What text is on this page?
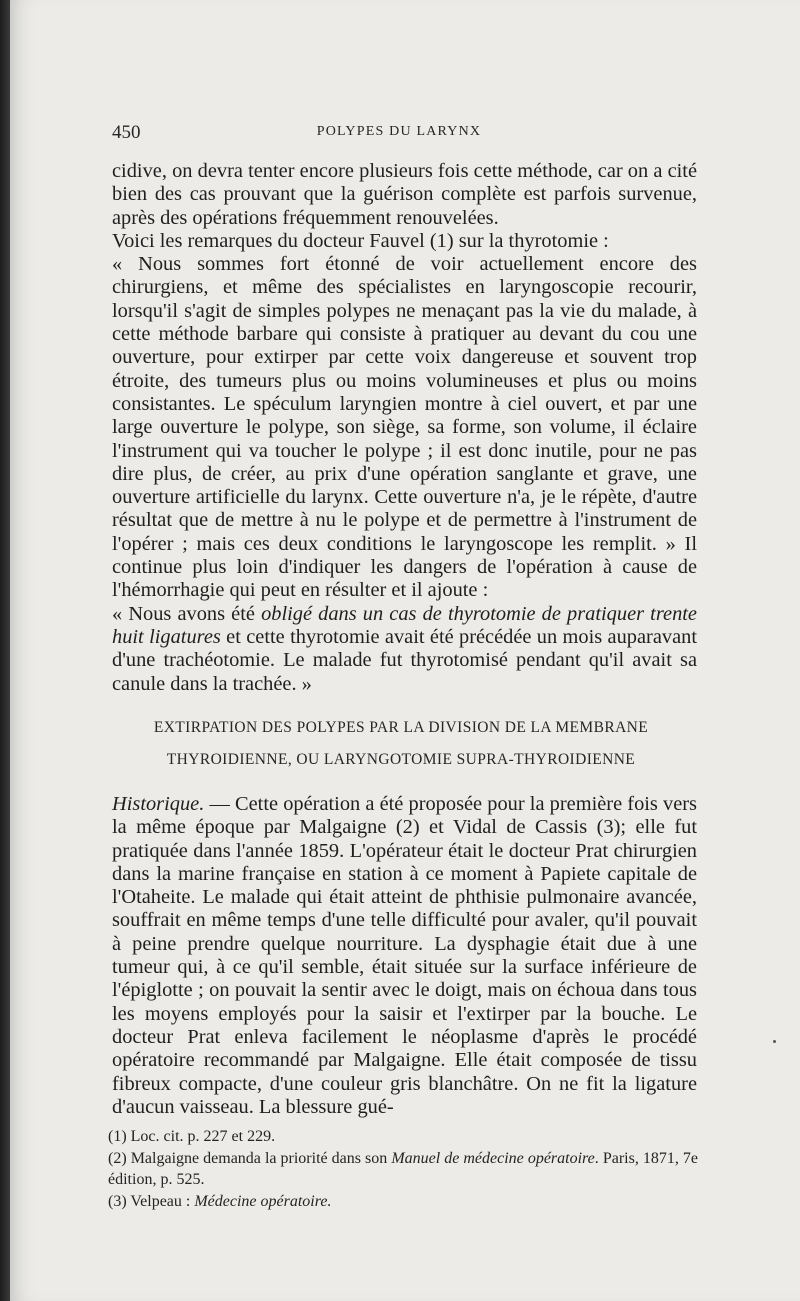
450	POLYPES DU LARYNX

cidive, on devra tenter encore plusieurs fois cette méthode, car on a cité bien des cas prouvant que la guérison complète est parfois survenue, après des opérations fréquemment renouvelées.

Voici les remarques du docteur Fauvel (1) sur la thyrotomie :

« Nous sommes fort étonné de voir actuellement encore des chirurgiens, et même des spécialistes en laryngoscopie recourir, lorsqu'il s'agit de simples polypes ne menaçant pas la vie du malade, à cette méthode barbare qui consiste à pratiquer au devant du cou une ouverture, pour extirper par cette voix dangereuse et souvent trop étroite, des tumeurs plus ou moins volumineuses et plus ou moins consistantes. Le spéculum laryngien montre à ciel ouvert, et par une large ouverture le polype, son siège, sa forme, son volume, il éclaire l'instrument qui va toucher le polype ; il est donc inutile, pour ne pas dire plus, de créer, au prix d'une opération sanglante et grave, une ouverture artificielle du larynx. Cette ouverture n'a, je le répète, d'autre résultat que de mettre à nu le polype et de permettre à l'instrument de l'opérer ; mais ces deux conditions le laryngoscope les remplit. » Il continue plus loin d'indiquer les dangers de l'opération à cause de l'hémorrhagie qui peut en résulter et il ajoute :

« Nous avons été obligé dans un cas de thyrotomie de pratiquer trente huit ligatures et cette thyrotomie avait été précédée un mois auparavant d'une trachéotomie. Le malade fut thyrotomisé pendant qu'il avait sa canule dans la trachée. »

EXTIRPATION DES POLYPES PAR LA DIVISION DE LA MEMBRANE
THYROIDIENNE, OU LARYNGOTOMIE SUPRA-THYROIDIENNE

Historique. — Cette opération a été proposée pour la première fois vers la même époque par Malgaigne (2) et Vidal de Cassis (3); elle fut pratiquée dans l'année 1859. L'opérateur était le docteur Prat chirurgien dans la marine française en station à ce moment à Papiete capitale de l'Otaheite. Le malade qui était atteint de phthisie pulmonaire avancée, souffrait en même temps d'une telle difficulté pour avaler, qu'il pouvait à peine prendre quelque nourriture. La dysphagie était due à une tumeur qui, à ce qu'il semble, était située sur la surface inférieure de l'épiglotte ; on pouvait la sentir avec le doigt, mais on échoua dans tous les moyens employés pour la saisir et l'extirper par la bouche. Le docteur Prat enleva facilement le néoplasme d'après le procédé opératoire recommandé par Malgaigne. Elle était composée de tissu fibreux compacte, d'une couleur gris blanchâtre. On ne fit la ligature d'aucun vaisseau. La blessure gué-

(1) Loc. cit. p. 227 et 229.

(2) Malgaigne demanda la priorité dans son Manuel de médecine opératoire. Paris, 1871, 7e édition, p. 525.

(3) Velpeau : Médecine opératoire.
